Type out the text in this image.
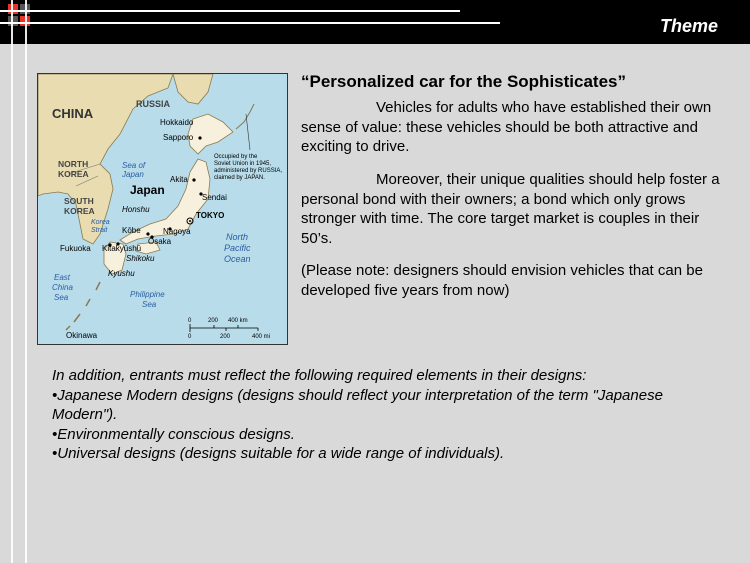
Theme
CHINA
RUSSIA
Hokkaido
Sapporo
Occupied by the
Soviet Union in 1945,
administered by RUSSIA,
claimed by JAPAN.
Sea of
Japan
NORTH
KOREA
Akita
Japan
Sendai
SOUTH
KOREA	Honshu
TOKYO
Korea
Strait Kōbe	Nagoya
North
Pacific
Ocean
Fukuoka Kitakyūshū
Ōsaka
Shikoku
Kyushu
East
China
Sea	Philippine
Sea
Okinawa
0	200 400 km
0	200	400 mi
“Personalized car for the Sophisticates”

Vehicles for adults who have established their own sense of value: these vehicles should be both attractive and exciting to drive.

Moreover, their unique qualities should help foster a personal bond with their owners; a bond which only grows stronger with time. The core target market is couples in their 50’s.

(Please note: designers should envision vehicles that can be developed five years from now)

In addition, entrants must reflect the following required elements in their designs:
•Japanese Modern designs (designs should reflect your interpretation of the term "Japanese Modern").
•Environmentally conscious designs.
•Universal designs (designs suitable for a wide range of individuals).
